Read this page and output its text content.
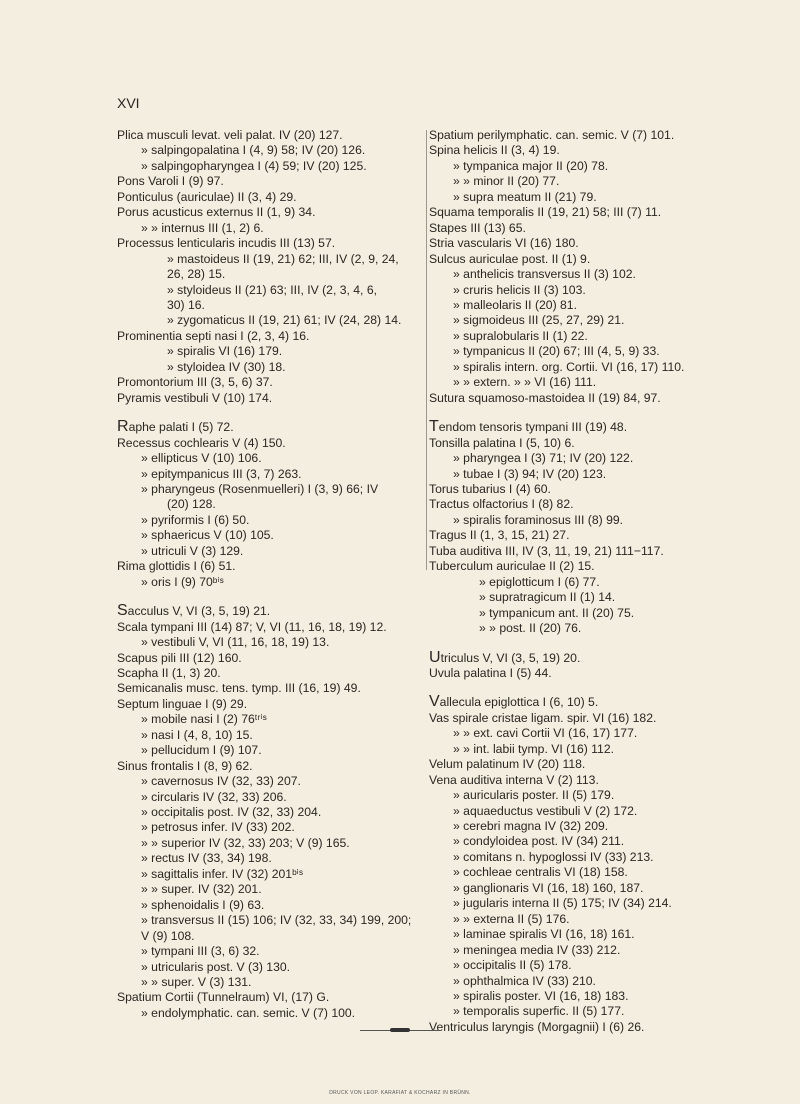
XVI
Plica musculi levat. veli palat. IV (20) 127.
» salpingopalatina I (4, 9) 58; IV (20) 126.
» salpingopharyngea I (4) 59; IV (20) 125.
Pons Varoli I (9) 97.
Ponticulus (auriculae) II (3, 4) 29.
Porus acusticus externus II (1, 9) 34.
» » internus III (1, 2) 6.
Processus lenticularis incudis III (13) 57.
» mastoideus II (19, 21) 62; III, IV (2, 9, 24,
26, 28) 15.
» styloideus II (21) 63; III, IV (2, 3, 4, 6,
30) 16.
» zygomaticus II (19, 21) 61; IV (24, 28) 14.
Prominentia septi nasi I (2, 3, 4) 16.
» spiralis VI (16) 179.
» styloidea IV (30) 18.
Promontorium III (3, 5, 6) 37.
Pyramis vestibuli V (10) 174.
Raphe palati I (5) 72.
Recessus cochlearis V (4) 150.
» ellipticus V (10) 106.
» epitympanicus III (3, 7) 263.
» pharyngeus (Rosenmuelleri) I (3, 9) 66; IV
(20) 128.
» pyriformis I (6) 50.
» sphaericus V (10) 105.
» utriculi V (3) 129.
Rima glottidis I (6) 51.
» oris I (9) 70ᵇⁱˢ
Sacculus V, VI (3, 5, 19) 21.
Scala tympani III (14) 87; V, VI (11, 16, 18, 19) 12.
» vestibuli V, VI (11, 16, 18, 19) 13.
Scapus pili III (12) 160.
Scapha II (1, 3) 20.
Semicanalis musc. tens. tymp. III (16, 19) 49.
Septum linguae I (9) 29.
» mobile nasi I (2) 76ᵗʳⁱˢ
» nasi I (4, 8, 10) 15.
» pellucidum I (9) 107.
Sinus frontalis I (8, 9) 62.
» cavernosus IV (32, 33) 207.
» circularis IV (32, 33) 206.
» occipitalis post. IV (32, 33) 204.
» petrosus infer. IV (33) 202.
» » superior IV (32, 33) 203; V (9) 165.
» rectus IV (33, 34) 198.
» sagittalis infer. IV (32) 201ᵇⁱˢ
» » super. IV (32) 201.
» sphenoidalis I (9) 63.
» transversus II (15) 106; IV (32, 33, 34) 199, 200;
V (9) 108.
» tympani III (3, 6) 32.
» utricularis post. V (3) 130.
» » super. V (3) 131.
Spatium Cortii (Tunnelraum) VI, (17) G.
» endolymphatic. can. semic. V (7) 100.
Spatium perilymphatic. can. semic. V (7) 101.
Spina helicis II (3, 4) 19.
» tympanica major II (20) 78.
» » minor II (20) 77.
» supra meatum II (21) 79.
Squama temporalis II (19, 21) 58; III (7) 11.
Stapes III (13) 65.
Stria vascularis VI (16) 180.
Sulcus auriculae post. II (1) 9.
» anthelicis transversus II (3) 102.
» cruris helicis II (3) 103.
» malleolaris II (20) 81.
» sigmoideus III (25, 27, 29) 21.
» supralobularis II (1) 22.
» tympanicus II (20) 67; III (4, 5, 9) 33.
» spiralis intern. org. Cortii. VI (16, 17) 110.
» » extern. » » VI (16) 111.
Sutura squamoso-mastoidea II (19) 84, 97.
Tendom tensoris tympani III (19) 48.
Tonsilla palatina I (5, 10) 6.
» pharyngea I (3) 71; IV (20) 122.
» tubae I (3) 94; IV (20) 123.
Torus tubarius I (4) 60.
Tractus olfactorius I (8) 82.
» spiralis foraminosus III (8) 99.
Tragus II (1, 3, 15, 21) 27.
Tuba auditiva III, IV (3, 11, 19, 21) 111−117.
Tuberculum auriculae II (2) 15.
» epiglotticum I (6) 77.
» supratragicum II (1) 14.
» tympanicum ant. II (20) 75.
» » post. II (20) 76.
Utriculus V, VI (3, 5, 19) 20.
Uvula palatina I (5) 44.
Vallecula epiglottica I (6, 10) 5.
Vas spirale cristae ligam. spir. VI (16) 182.
» » ext. cavi Cortii VI (16, 17) 177.
» » int. labii tymp. VI (16) 112.
Velum palatinum IV (20) 118.
Vena auditiva interna V (2) 113.
» auricularis poster. II (5) 179.
» aquaeductus vestibuli V (2) 172.
» cerebri magna IV (32) 209.
» condyloidea post. IV (34) 211.
» comitans n. hypoglossi IV (33) 213.
» cochleae centralis VI (18) 158.
» ganglionaris VI (16, 18) 160, 187.
» jugularis interna II (5) 175; IV (34) 214.
» » externa II (5) 176.
» laminae spiralis VI (16, 18) 161.
» meningea media IV (33) 212.
» occipitalis II (5) 178.
» ophthalmica IV (33) 210.
» spiralis poster. VI (16, 18) 183.
» temporalis superfic. II (5) 177.
Ventriculus laryngis (Morgagnii) I (6) 26.
DRUCK VON LEOP. KARAFIAT & KOCHARZ IN BRÜNN.
